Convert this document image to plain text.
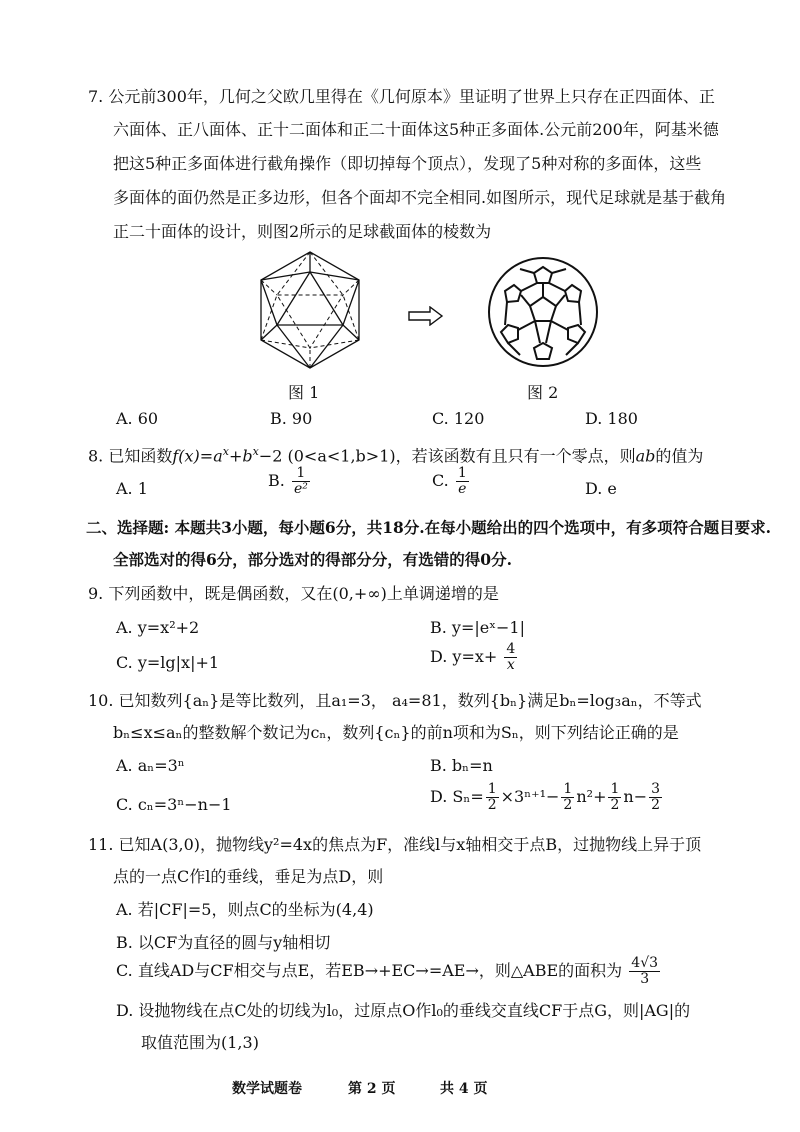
7. 公元前300年，几何之父欧几里得在《几何原本》里证明了世界上只存在正四面体、正
六面体、正八面体、正十二面体和正二十面体这5种正多面体.公元前200年，阿基米德
把这5种正多面体进行截角操作（即切掉每个顶点），发现了5种对称的多面体，这些
多面体的面仍然是正多边形，但各个面却不完全相同.如图所示，现代足球就是基于截角
正二十面体的设计，则图2所示的足球截面体的棱数为
图 1	图 2
A. 60	B. 90	C. 120	D. 180
8. 已知函数$f(x)=a^x+b^x-2$ (0<a<1,b>1)，若该函数有且只有一个零点，则ab的值为
A. 1	B. $\frac{1}{\text{e²}}$	C. $\frac{1}{e}$	D. e
二、选择题: 本题共3小题，每小题6分，共18分.在每小题给出的四个选项中，有多项符合题目要求.
全部选对的得6分，部分选对的得部分分，有选错的得0分.
9. 下列函数中，既是偶函数，又在(0,+∞)上单调递增的是
A. y=x²+2	B. y=|eˣ−1|
C. y=lg|x|+1	D. $y=x+ \frac{4}{x}$
10. 已知数列{aₙ}是等比数列，且a₁=3， a₄=81，数列{bₙ}满足bₙ=log₃aₙ，不等式
bₙ≤x≤aₙ的整数解个数记为cₙ，数列{cₙ}的前n项和为Sₙ，则下列结论正确的是
A. aₙ=3ⁿ	B. bₙ=n
C. cₙ=3ⁿ−n−1	D. $S_n= \frac{1}{2} \times 3^{n+1}- \frac{1}{2} n^2+ \frac{1}{2} n- \frac{3}{2}$
11. 已知A(3,0)，抛物线y²=4x的焦点为F，准线l与x轴相交于点B，过抛物线上异于顶
点的一点C作l的垂线，垂足为点D，则
A. 若|CF|=5，则点C的坐标为(4,4)
B. 以CF为直径的圆与y轴相切
C. 直线AD与CF相交与点E，若EB→+EC→=AE→，则△ABE的面积为 $\frac{4√3}{3}$
D. 设抛物线在点C处的切线为l₀，过原点O作l₀的垂线交直线CF于点G，则|AG|的
取值范围为(1,3)
数学试题卷	第 2 页	共 4 页
